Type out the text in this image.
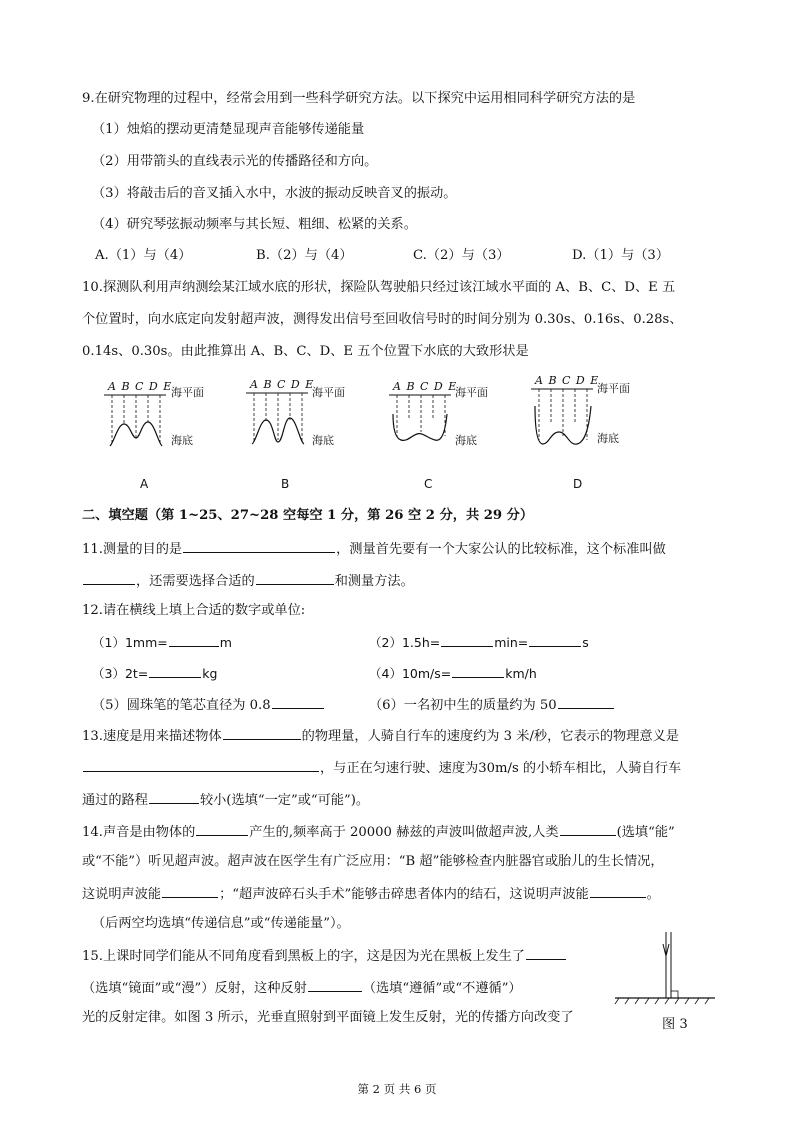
9.在研究物理的过程中，经常会用到一些科学研究方法。以下探究中运用相同科学研究方法的是
（1）烛焰的摆动更清楚显现声音能够传递能量
（2）用带箭头的直线表示光的传播路径和方向。
（3）将敲击后的音叉插入水中，水波的振动反映音叉的振动。
（4）研究琴弦振动频率与其长短、粗细、松紧的关系。
A.（1）与（4）	B.（2）与（4）	C.（2）与（3）	D.（1）与（3）
10.探测队利用声纳测绘某江域水底的形状，探险队驾驶船只经过该江域水平面的 A、B、C、D、E 五
个位置时，向水底定向发射超声波，测得发出信号至回收信号时的时间分别为 0.30s、0.16s、0.28s、
0.14s、0.30s。由此推算出 A、B、C、D、E 五个位置下水底的大致形状是
A B C D E
海平面
海底
A B C D E
海平面
海底
A B C D E
海平面
海底
A B C D E
海平面
海底
A	B	C	D
二、填空题（第 1~25、27~28 空每空 1 分，第 26 空 2 分，共 29 分）
11.测量的目的是	，测量首先要有一个大家公认的比较标准，这个标准叫做
，还需要选择合适的	和测量方法。
12.请在横线上填上合适的数字或单位:
（1）1mm=	m	（2）1.5h=	min=	s
（3）2t=	kg	（4）10m/s=	km/h
（5）圆珠笔的笔芯直径为 0.8	（6）一名初中生的质量约为 50
13.速度是用来描述物体	的物理量，人骑自行车的速度约为 3 米/秒，它表示的物理意义是
，与正在匀速行驶、速度为30m/s 的小轿车相比，人骑自行车
通过的路程	较小(选填“一定”或“可能”)。
14.声音是由物体的	产生的,频率高于 20000 赫兹的声波叫做超声波,人类	(选填“能”
或“不能”）听见超声波。超声波在医学生有广泛应用：“B 超”能够检查内脏器官或胎儿的生长情况，
这说明声波能	；“超声波碎石头手术”能够击碎患者体内的结石，这说明声波能	。
（后两空均选填“传递信息”或“传递能量”）。
15.上课时同学们能从不同角度看到黑板上的字，这是因为光在黑板上发生了
（选填“镜面”或“漫”）反射，这种反射	（选填“遵循”或“不遵循”）
光的反射定律。如图 3 所示，光垂直照射到平面镜上发生反射，光的传播方向改变了	图 3
第 2 页 共 6 页
